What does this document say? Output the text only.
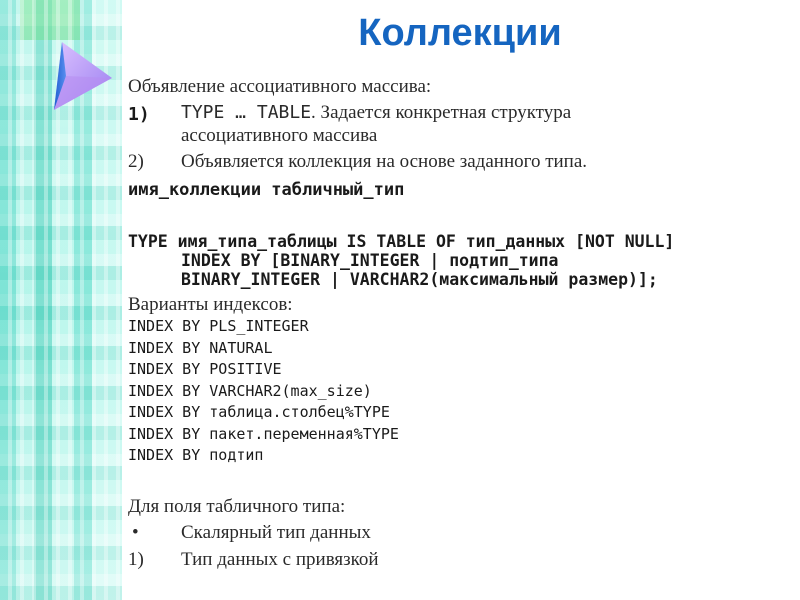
Коллекции
Объявление ассоциативного массива:
1) TYPE … TABLE. Задается конкретная структура
ассоциативного массива
2) Объявляется коллекция на основе заданного типа.
имя_коллекции табличный_тип
TYPE имя_типа_таблицы IS TABLE OF тип_данных [NOT NULL]
INDEX BY [BINARY_INTEGER | подтип_типа
BINARY_INTEGER | VARCHAR2(максимальный размер)];
Варианты индексов:
INDEX BY PLS_INTEGER
INDEX BY NATURAL
INDEX BY POSITIVE
INDEX BY VARCHAR2(max_size)
INDEX BY таблица.столбец%TYPE
INDEX BY пакет.переменная%TYPE
INDEX BY подтип
Для поля табличного типа:
• Скалярный тип данных
1) Тип данных с привязкой
